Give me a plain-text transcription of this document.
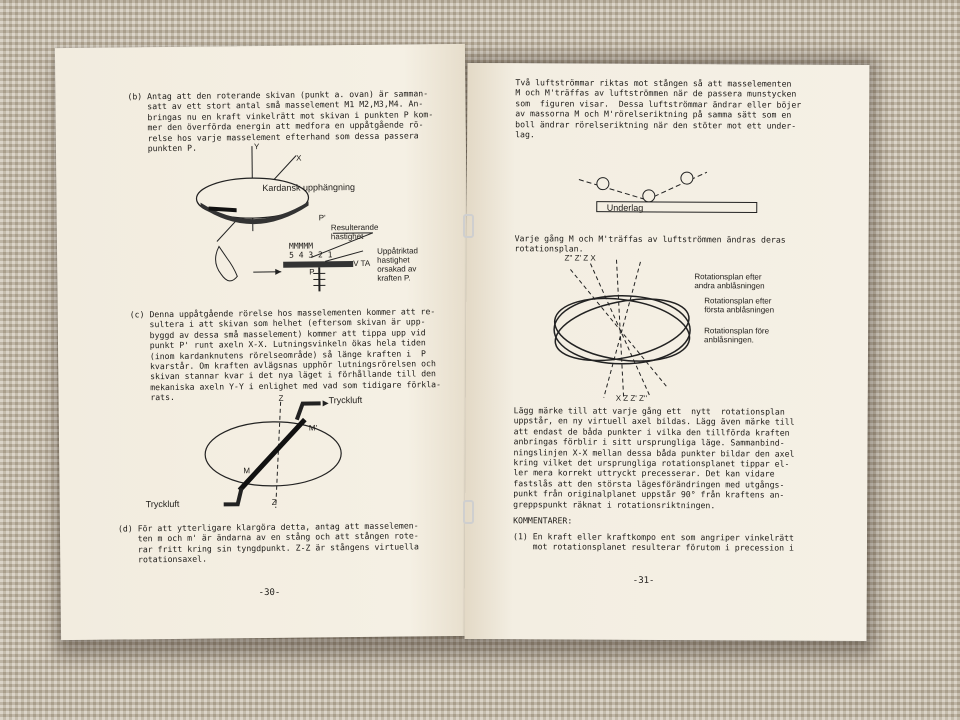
(b) Antag att den roterande skivan (punkt a. ovan) är samman-
satt av ett stort antal små masselement M1 M2,M3,M4. An-
bringas nu en kraft vinkelrätt mot skivan i punkten P kom-
mer den överförda energin att medfora en uppåtgående rö-
relse hos varje masselement efterhand som dessa passera
punkten P.	Y
X
Kardansk upphängning
P'
Resulterande
hastighet
MMMMM
5 4 3 2 1	Uppåtriktad
hastighet
orsakad av
kraften P.
V TA
P
(c) Denna uppåtgående rörelse hos masselementen kommer att re-
sultera i att skivan som helhet (eftersom skivan är upp-
byggd av dessa små masselement) kommer att tippa upp vid
punkt P' runt axeln X-X. Lutningsvinkeln ökas hela tiden
(inom kardanknutens rörelseområde) så länge kraften i  P
kvarstår. Om kraften avlägsnas upphör lutningsrörelsen och
skivan stannar kvar i det nya läget i förhållande till den
mekaniska axeln Y-Y i enlighet med vad som tidigare förkla-
rats.	Tryckluft
Tryckluft
Z
Z
M'
M
(d) För att ytterligare klargöra detta, antag att masselemen-
ten m och m' är ändarna av en stång och att stången rote-
rar fritt kring sin tyngdpunkt. Z-Z är stångens virtuella
rotationsaxel.
-30-
Två luftströmmar riktas mot stången så att masselementen
M och M'träffas av luftströmmen när de passera munstycken
som  figuren visar.  Dessa luftströmmar ändrar eller böjer
av massorna M och M'rörelseriktning på samma sätt som en
boll ändrar rörelseriktning när den stöter mot ett under-
lag.
Underlag
Varje gång M och M'träffas av luftströmmen ändras deras
rotationsplan.
Z'' Z' Z X
X Z Z' Z''
Rotationsplan efter
andra anblåsningen
Rotationsplan efter
första anblåsningen
Rotationsplan före
anblåsningen.
Lägg märke till att varje gång ett  nytt  rotationsplan
uppstår, en ny virtuell axel bildas. Lägg även märke till
att endast de båda punkter i vilka den tillförda kraften
anbringas förblir i sitt ursprungliga läge. Sammanbind-
ningslinjen X-X mellan dessa båda punkter bildar den axel
kring vilket det ursprungliga rotationsplanet tippar el-
ler mera korrekt uttryckt precesserar. Det kan vidare
fastslås att den största lägesförändringen med utgångs-
punkt från originalplanet uppstår 90° från kraftens an-
greppspunkt räknat i rotationsriktningen.
KOMMENTARER:
(1) En kraft eller kraftkompo ent som angriper vinkelrätt
mot rotationsplanet resulterar förutom i precession i
-31-
